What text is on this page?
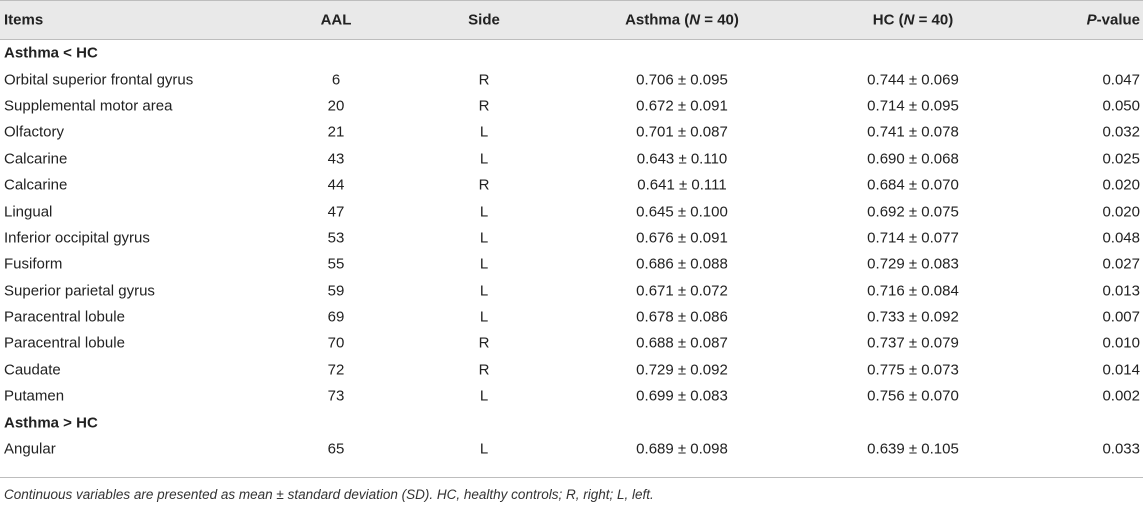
Items	AAL	Side	Asthma (N = 40)	HC (N = 40)	P-value
Asthma < HC
Orbital superior frontal gyrus	6	R	0.706 ± 0.095	0.744 ± 0.069	0.047
Supplemental motor area	20	R	0.672 ± 0.091	0.714 ± 0.095	0.050
Olfactory	21	L	0.701 ± 0.087	0.741 ± 0.078	0.032
Calcarine	43	L	0.643 ± 0.110	0.690 ± 0.068	0.025
Calcarine	44	R	0.641 ± 0.111	0.684 ± 0.070	0.020
Lingual	47	L	0.645 ± 0.100	0.692 ± 0.075	0.020
Inferior occipital gyrus	53	L	0.676 ± 0.091	0.714 ± 0.077	0.048
Fusiform	55	L	0.686 ± 0.088	0.729 ± 0.083	0.027
Superior parietal gyrus	59	L	0.671 ± 0.072	0.716 ± 0.084	0.013
Paracentral lobule	69	L	0.678 ± 0.086	0.733 ± 0.092	0.007
Paracentral lobule	70	R	0.688 ± 0.087	0.737 ± 0.079	0.010
Caudate	72	R	0.729 ± 0.092	0.775 ± 0.073	0.014
Putamen	73	L	0.699 ± 0.083	0.756 ± 0.070	0.002
Asthma > HC
Angular	65	L	0.689 ± 0.098	0.639 ± 0.105	0.033
Continuous variables are presented as mean ± standard deviation (SD). HC, healthy controls; R, right; L, left.
